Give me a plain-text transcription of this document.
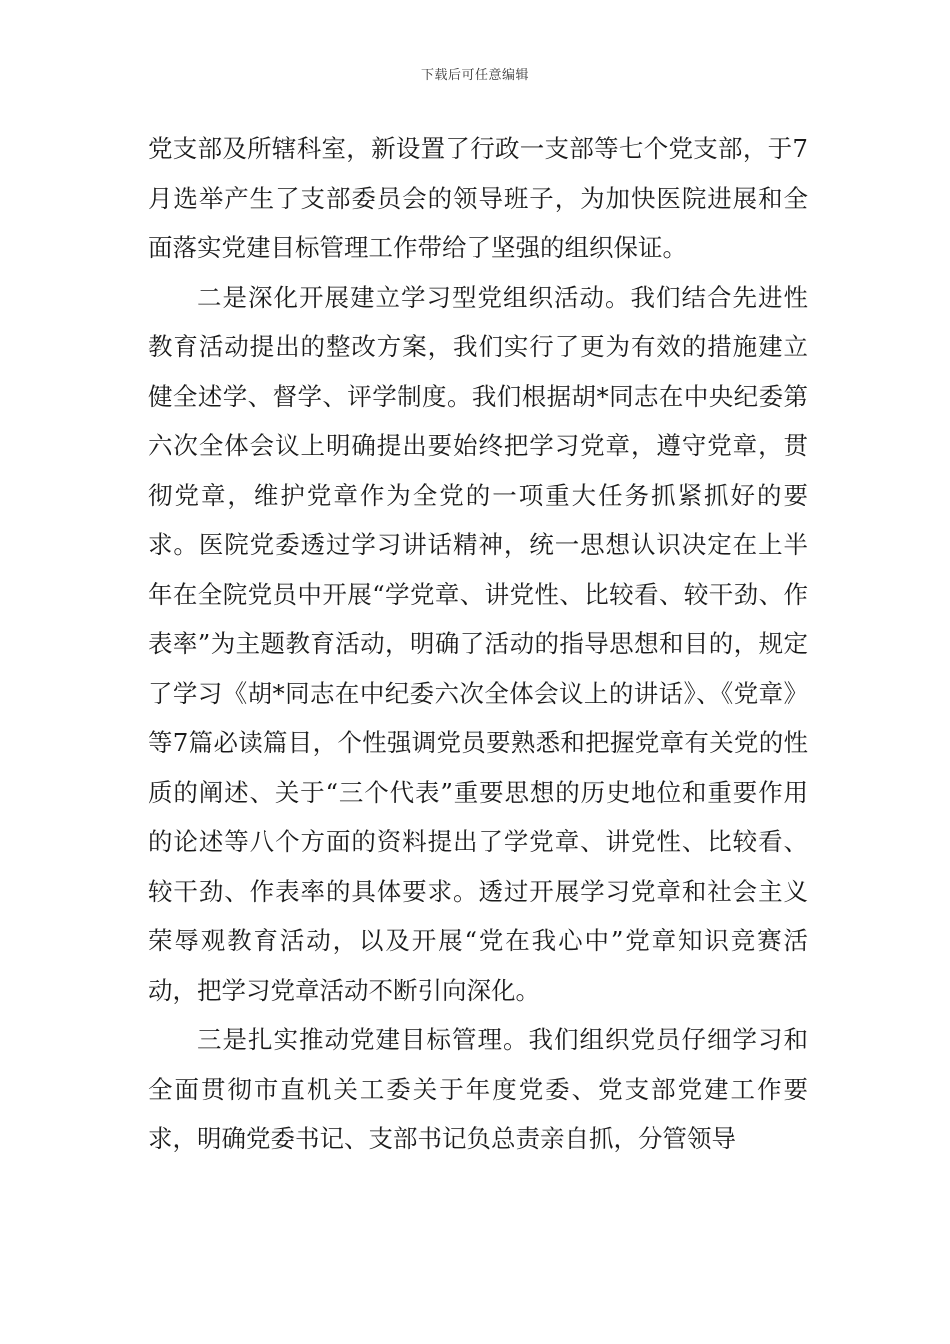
下载后可任意编辑

党支部及所辖科室，新设置了行政一支部等七个党支部，于7月选举产生了支部委员会的领导班子，为加快医院进展和全面落实党建目标管理工作带给了坚强的组织保证。

二是深化开展建立学习型党组织活动。我们结合先进性教育活动提出的整改方案，我们实行了更为有效的措施建立健全述学、督学、评学制度。我们根据胡*同志在中央纪委第六次全体会议上明确提出要始终把学习党章，遵守党章，贯彻党章，维护党章作为全党的一项重大任务抓紧抓好的要求。医院党委透过学习讲话精神，统一思想认识决定在上半年在全院党员中开展“学党章、讲党性、比较看、较干劲、作表率”为主题教育活动，明确了活动的指导思想和目的，规定了学习《胡*同志在中纪委六次全体会议上的讲话》、《党章》等7篇必读篇目，个性强调党员要熟悉和把握党章有关党的性质的阐述、关于“三个代表”重要思想的历史地位和重要作用的论述等八个方面的资料提出了学党章、讲党性、比较看、较干劲、作表率的具体要求。透过开展学习党章和社会主义荣辱观教育活动，以及开展“党在我心中”党章知识竞赛活动，把学习党章活动不断引向深化。

三是扎实推动党建目标管理。我们组织党员仔细学习和全面贯彻市直机关工委关于年度党委、党支部党建工作要求，明确党委书记、支部书记负总责亲自抓，分管领导
